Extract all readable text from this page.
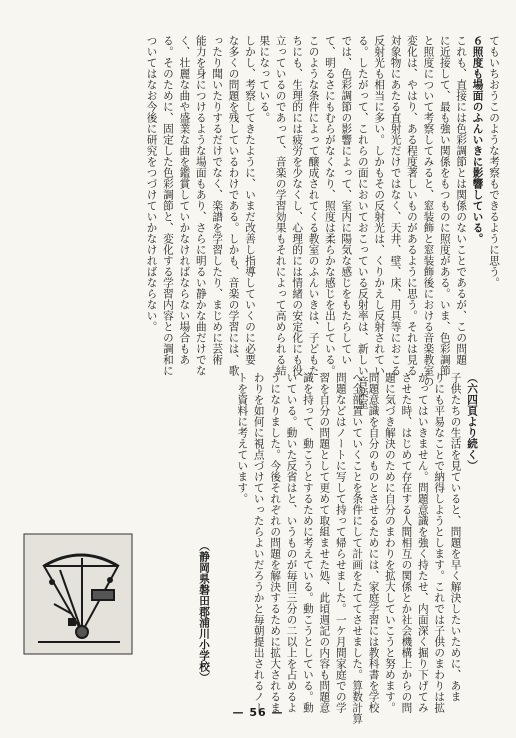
てもいちおうこのような考察もできるように思う。
６照度も場面のふんいきに影響している。
これも、直接には色彩調節とは関係のないことであるが、この問題
に近接して、最も強い関係をもつものに照度がある。いま、色彩調節
と照度について考察してみると、窓装飾と窓装飾後における音楽教室の
変化は、やはり、ある程度著しいものがあるように思う。それは見る
対象物にあたる直射光だけではなく、天井、壁、床、用具等におこる
反射光も相当に多い。しかもその反射光は、くりかえし反射されてい
る。したがって、これらの面においておこっている反射率は、新しい音楽室
では、色彩調節の影響によって、室内に陽気な感じをもたらしてい
て、明るさにもむらがなくなり、照度は柔らかな感じを出している。
このような条件によって醸成されてくる教室のふんいきは、子どもた
ちにも、生理的には疲労を少なくし、心理的には情緒の安定化にも役
立っているのであって、音楽の学習効果もそれによって高められる結
果になっている。
しかし、考察してきたように、いまだ改善し指導していくのに必要
な多くの問題を残しているわけである。しかも、音楽の学習には、歌
ったり聞いたりするだけでなく、楽譜を学習したり、まじめに芸術
能力を身につけるような場面もあり、さらに明るい静かな曲だけでな
く、壮麗な曲や盛業な曲を鑑賞していかなければならない場合もあ
る。そのために、固定した色彩調節と、変化する学習内容との調和に
ついてはなお今後に研究をつづけていかなければならない。
（六四頁より続く）
子供たちの生活を見ていると、問題を早く解決したいために、あま
りにも平易なことで納得しようとします。これでは子供のまわりは拡
がってはいきません。問題意識を強く持たせ、内面深く掘り下げてみ
させた時、はじめて存在する人間相互の関係とか社会機構上からの問
題に気づき解決のために自分のまわりを拡大していこうと努めます。
問題意識を自分のものとさせるためには、家庭学習には教科書を学校
へ全部置いていくことを条件にして計画をたててさせました。算数計算
問題などはノートに写して持って帰らせました。一ケ月間家庭での学
習を自分の問題として更めて取組ませた処、此頃週記の内容も問題意
識を持って、動こうとするために考えている。動こうとしている。動
いている。動いた反省はと、いうものが毎回三分の二以上を占めるよ
うになりました。今後それぞれの問題を解決するために拡大されるま
わりを如何に視点づけていったらよいだろうかと毎朝提出されるノー
トを資料に考えています。
（静岡県磐田郡浦川小学校）
— 56 —
